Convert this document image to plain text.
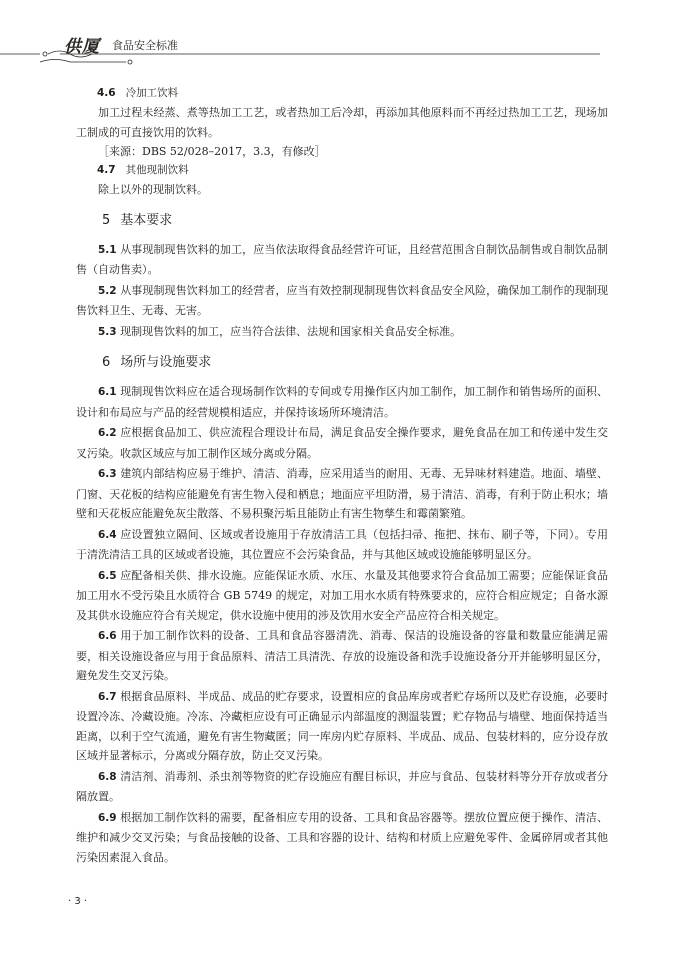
供厦 食品安全标准
4.6 冷加工饮料

加工过程未经蒸、煮等热加工工艺，或者热加工后冷却，再添加其他原料而不再经过热加工工艺，现场加工制成的可直接饮用的饮料。

［来源：DBS 52/028–2017，3.3，有修改］

4.7 其他现制饮料

除上以外的现制饮料。

5 基本要求

5.1 从事现制现售饮料的加工，应当依法取得食品经营许可证，且经营范围含自制饮品制售或自制饮品制售（自动售卖）。

5.2 从事现制现售饮料加工的经营者，应当有效控制现制现售饮料食品安全风险，确保加工制作的现制现售饮料卫生、无毒、无害。

5.3 现制现售饮料的加工，应当符合法律、法规和国家相关食品安全标准。

6 场所与设施要求

6.1 现制现售饮料应在适合现场制作饮料的专间或专用操作区内加工制作，加工制作和销售场所的面积、设计和布局应与产品的经营规模相适应，并保持该场所环境清洁。

6.2 应根据食品加工、供应流程合理设计布局，满足食品安全操作要求，避免食品在加工和传递中发生交叉污染。收款区域应与加工制作区域分离或分隔。

6.3 建筑内部结构应易于维护、清洁、消毒，应采用适当的耐用、无毒、无异味材料建造。地面、墙壁、门窗、天花板的结构应能避免有害生物入侵和栖息；地面应平坦防滑，易于清洁、消毒，有利于防止积水；墙壁和天花板应能避免灰尘散落、不易积聚污垢且能防止有害生物孳生和霉菌繁殖。

6.4 应设置独立隔间、区域或者设施用于存放清洁工具（包括扫帚、拖把、抹布、刷子等，下同）。专用于清洗清洁工具的区域或者设施，其位置应不会污染食品，并与其他区域或设施能够明显区分。

6.5 应配备相关供、排水设施。应能保证水质、水压、水量及其他要求符合食品加工需要；应能保证食品加工用水不受污染且水质符合 GB 5749 的规定，对加工用水水质有特殊要求的，应符合相应规定；自备水源及其供水设施应符合有关规定，供水设施中使用的涉及饮用水安全产品应符合相关规定。

6.6 用于加工制作饮料的设备、工具和食品容器清洗、消毒、保洁的设施设备的容量和数量应能满足需要，相关设施设备应与用于食品原料、清洁工具清洗、存放的设施设备和洗手设施设备分开并能够明显区分，避免发生交叉污染。

6.7 根据食品原料、半成品、成品的贮存要求，设置相应的食品库房或者贮存场所以及贮存设施，必要时设置冷冻、冷藏设施。冷冻、冷藏柜应设有可正确显示内部温度的测温装置；贮存物品与墙壁、地面保持适当距离，以利于空气流通，避免有害生物藏匿；同一库房内贮存原料、半成品、成品、包装材料的，应分设存放区域并显著标示，分离或分隔存放，防止交叉污染。

6.8 清洁剂、消毒剂、杀虫剂等物资的贮存设施应有醒目标识，并应与食品、包装材料等分开存放或者分隔放置。

6.9 根据加工制作饮料的需要，配备相应专用的设备、工具和食品容器等。摆放位置应便于操作、清洁、维护和减少交叉污染；与食品接触的设备、工具和容器的设计、结构和材质上应避免零件、金属碎屑或者其他污染因素混入食品。

· 3 ·
